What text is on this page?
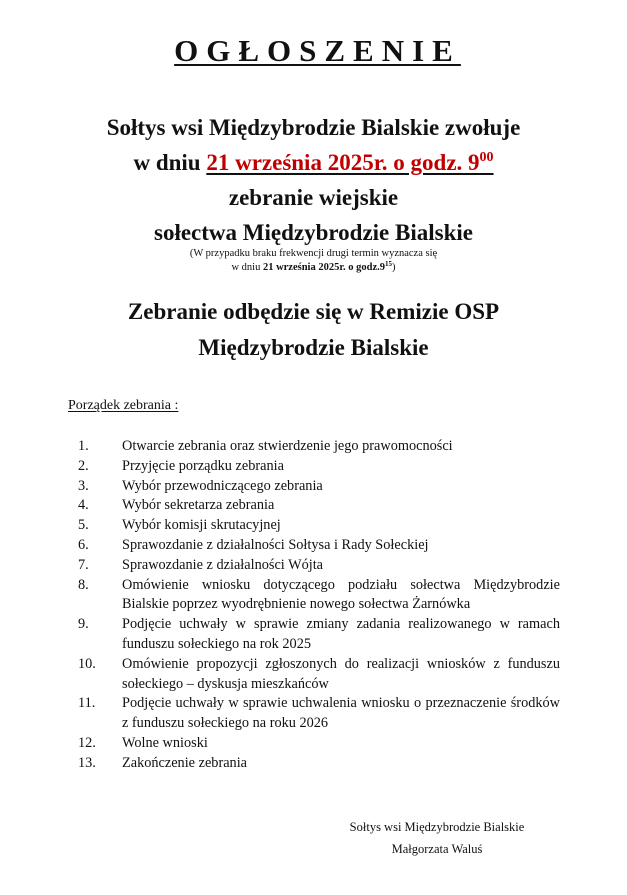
OGŁOSZENIE
Sołtys wsi Międzybrodzie Bialskie zwołuje
w dniu 21 września 2025r. o godz. $9^{00}$
zebranie wiejskie
sołectwa Międzybrodzie Bialskie
(W przypadku braku frekwencji drugi termin wyznacza się
w dniu 21 września 2025r. o $godz.9^{15}$)
Zebranie odbędzie się w Remizie OSP
Międzybrodzie Bialskie
Porządek zebrania :
1.	Otwarcie zebrania oraz stwierdzenie jego prawomocności
2.	Przyjęcie porządku zebrania
3.	Wybór przewodniczącego zebrania
4.	Wybór sekretarza zebrania
5.	Wybór komisji skrutacyjnej
6.	Sprawozdanie z działalności Sołtysa i Rady Sołeckiej
7.	Sprawozdanie z działalności Wójta
8.	Omówienie wniosku dotyczącego podziału sołectwa Międzybrodzie Bialskie poprzez wyodrębnienie nowego sołectwa Żarnówka
9.	Podjęcie uchwały w sprawie zmiany zadania realizowanego w ramach funduszu sołeckiego na rok 2025
10.	Omówienie propozycji zgłoszonych do realizacji wniosków z funduszu sołeckiego – dyskusja mieszkańców
11.	Podjęcie uchwały w sprawie uchwalenia wniosku o przeznaczenie środków z funduszu sołeckiego na roku 2026
12.	Wolne wnioski
13.	Zakończenie zebrania
Sołtys wsi Międzybrodzie Bialskie
Małgorzata Waluś
